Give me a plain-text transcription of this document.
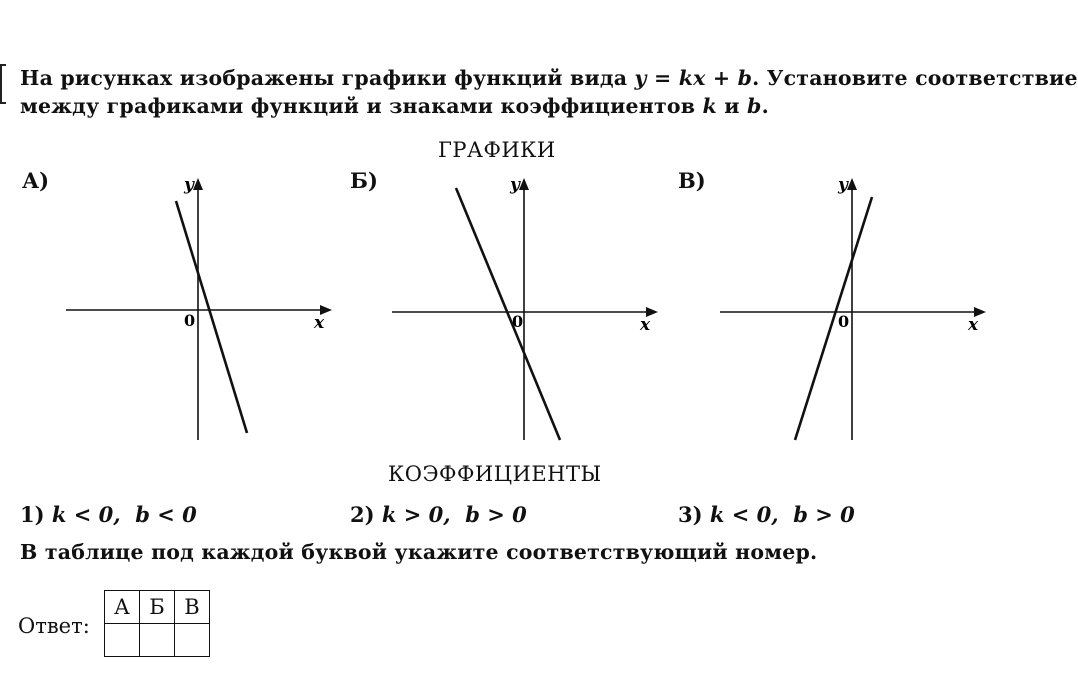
На рисунках изображены графики функций вида y = kx + b. Установите соответствие
между графиками функций и знаками коэффициентов k и b.
ГРАФИКИ
А)	Б)	В)
x
y
0	x
y
0	x
y
0
КОЭФФИЦИЕНТЫ
1) k < 0, b < 0	2) k > 0, b > 0	3) k < 0, b > 0
В таблице под каждой буквой укажите соответствующий номер.
Ответ:
А	Б	В
